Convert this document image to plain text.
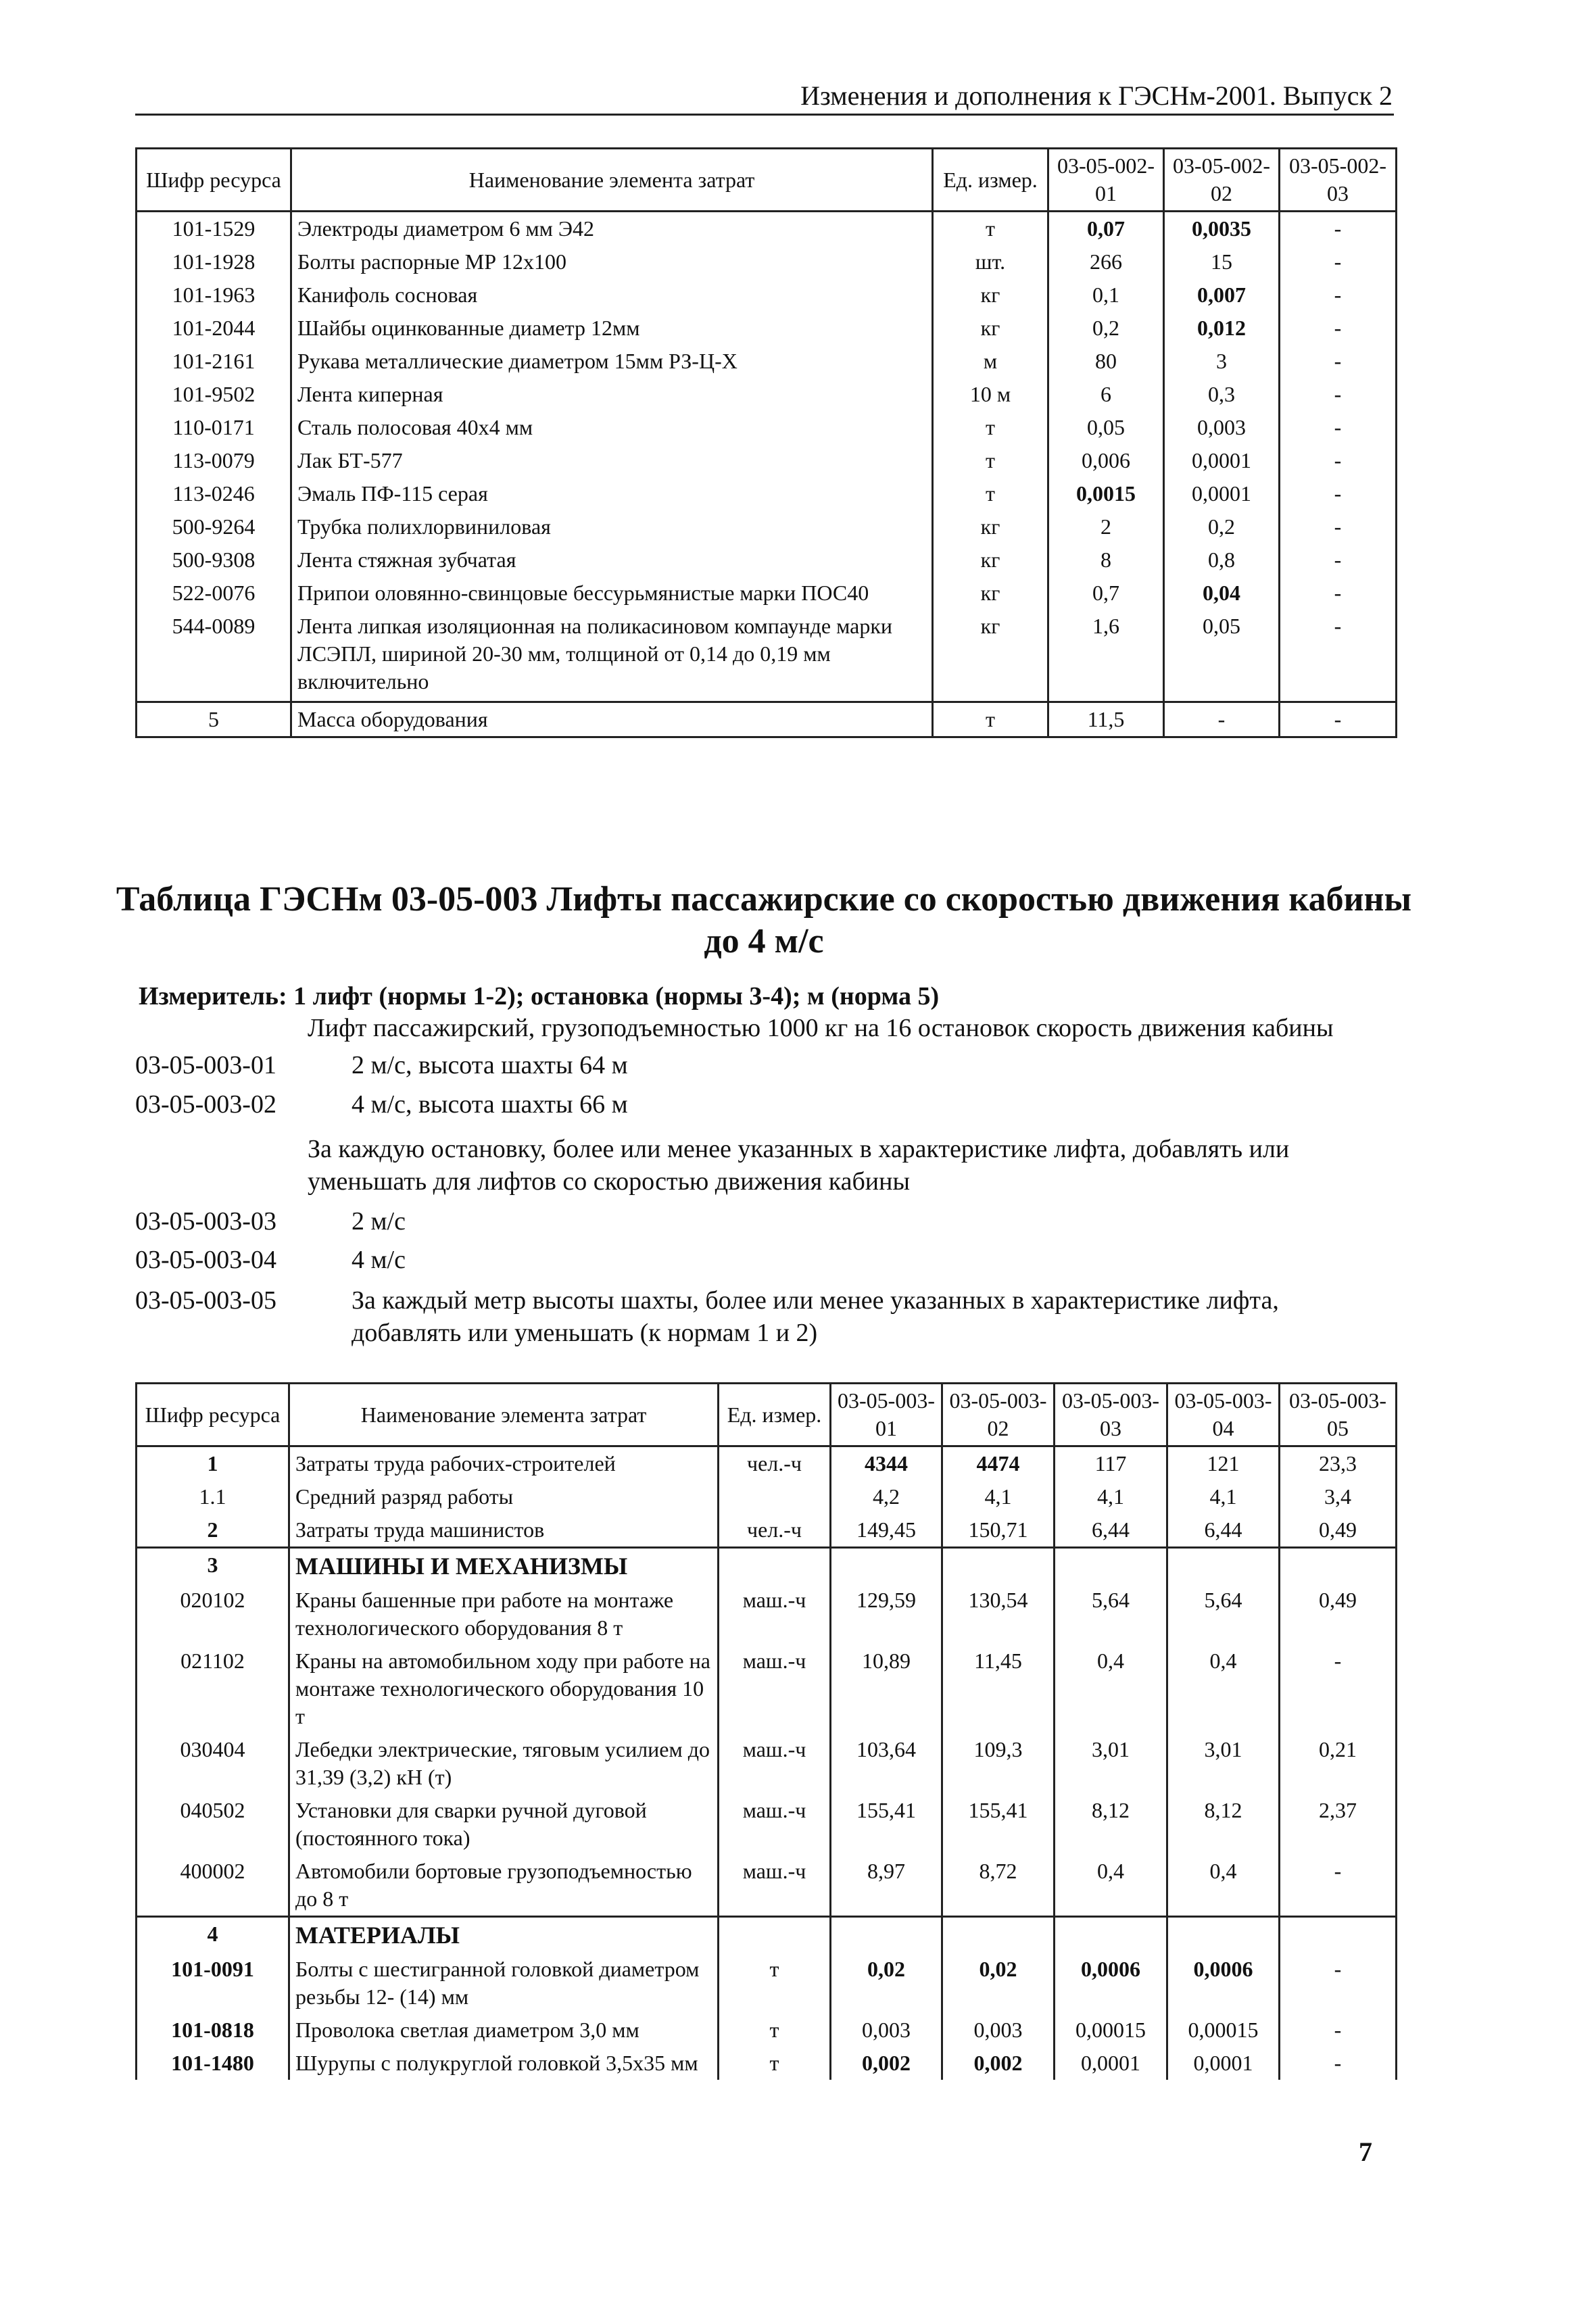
Изменения и дополнения к ГЭСНм-2001. Выпуск 2
Шифр ресурса	Наименование элемента затрат	Ед. измер.	03-05-002-01	03-05-002-02	03-05-002-03
101-1529	Электроды диаметром 6 мм Э42	т	0,07	0,0035	-
101-1928	Болты распорные МР 12х100	шт.	266	15	-
101-1963	Канифоль сосновая	кг	0,1	0,007	-
101-2044	Шайбы оцинкованные диаметр 12мм	кг	0,2	0,012	-
101-2161	Рукава металлические диаметром 15мм РЗ-Ц-Х	м	80	3	-
101-9502	Лента киперная	10 м	6	0,3	-
110-0171	Сталь полосовая 40х4 мм	т	0,05	0,003	-
113-0079	Лак БТ-577	т	0,006	0,0001	-
113-0246	Эмаль ПФ-115 серая	т	0,0015	0,0001	-
500-9264	Трубка полихлорвиниловая	кг	2	0,2	-
500-9308	Лента стяжная зубчатая	кг	8	0,8	-
522-0076	Припои оловянно-свинцовые бессурьмянистые марки ПОС40	кг	0,7	0,04	-
544-0089	Лента липкая изоляционная на поликасиновом компаунде марки ЛСЭПЛ, шириной 20-30 мм, толщиной от 0,14 до 0,19 мм включительно	кг	1,6	0,05	-
5	Масса оборудования	т	11,5	-	-
Таблица ГЭСНм 03-05-003 Лифты пассажирские со скоростью движения кабины до 4 м/с
Измеритель: 1 лифт (нормы 1-2); остановка (нормы 3-4); м (норма 5)
Лифт пассажирский, грузоподъемностью 1000 кг на 16 остановок скорость движения кабины
03-05-003-01	2 м/с, высота шахты 64 м
03-05-003-02	4 м/с, высота шахты 66 м
За каждую остановку, более или менее указанных в характеристике лифта, добавлять или уменьшать для лифтов со скоростью движения кабины
03-05-003-03	2 м/с
03-05-003-04	4 м/с
03-05-003-05	За каждый метр высоты шахты, более или менее указанных в характеристике лифта, добавлять или уменьшать (к нормам 1 и 2)
Шифр ресурса	Наименование элемента затрат	Ед. измер.	03-05-003-01	03-05-003-02	03-05-003-03	03-05-003-04	03-05-003-05
1	Затраты труда рабочих-строителей	чел.-ч	4344	4474	117	121	23,3
1.1	Средний разряд работы		4,2	4,1	4,1	4,1	3,4
2	Затраты труда машинистов	чел.-ч	149,45	150,71	6,44	6,44	0,49
3	МАШИНЫ И МЕХАНИЗМЫ						
020102	Краны башенные при работе на монтаже технологического оборудования 8 т	маш.-ч	129,59	130,54	5,64	5,64	0,49
021102	Краны на автомобильном ходу при работе на монтаже технологического оборудования 10 т	маш.-ч	10,89	11,45	0,4	0,4	-
030404	Лебедки электрические, тяговым усилием до 31,39 (3,2) кН (т)	маш.-ч	103,64	109,3	3,01	3,01	0,21
040502	Установки для сварки ручной дуговой (постоянного тока)	маш.-ч	155,41	155,41	8,12	8,12	2,37
400002	Автомобили бортовые грузоподъемностью до 8 т	маш.-ч	8,97	8,72	0,4	0,4	-
4	МАТЕРИАЛЫ						
101-0091	Болты с шестигранной головкой диаметром резьбы 12- (14) мм	т	0,02	0,02	0,0006	0,0006	-
101-0818	Проволока светлая диаметром 3,0 мм	т	0,003	0,003	0,00015	0,00015	-
101-1480	Шурупы с полукруглой головкой 3,5х35 мм	т	0,002	0,002	0,0001	0,0001	-
7
